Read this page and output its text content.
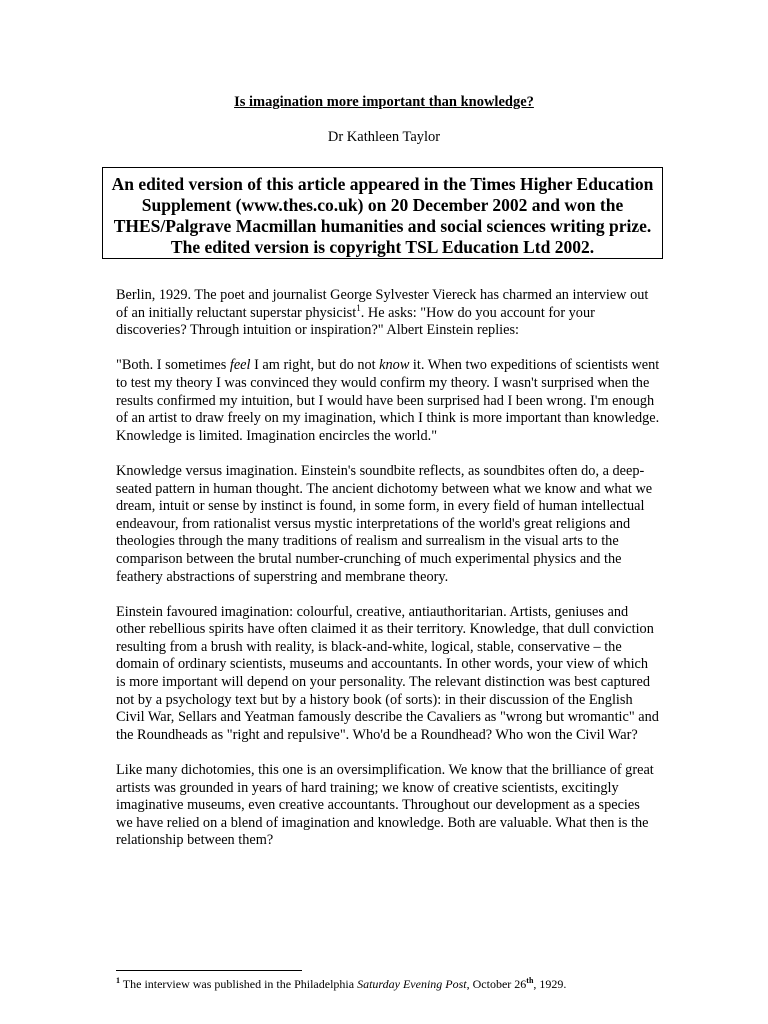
Is imagination more important than knowledge?
Dr Kathleen Taylor
An edited version of this article appeared in the Times Higher Education Supplement (www.thes.co.uk) on 20 December 2002 and won the THES/Palgrave Macmillan humanities and social sciences writing prize. The edited version is copyright TSL Education Ltd 2002.

Berlin, 1929. The poet and journalist George Sylvester Viereck has charmed an interview out of an initially reluctant superstar physicist$^1$. He asks: "How do you account for your discoveries? Through intuition or inspiration?" Albert Einstein replies:

"Both. I sometimes feel I am right, but do not know it. When two expeditions of scientists went to test my theory I was convinced they would confirm my theory. I wasn't surprised when the results confirmed my intuition, but I would have been surprised had I been wrong. I'm enough of an artist to draw freely on my imagination, which I think is more important than knowledge. Knowledge is limited. Imagination encircles the world."

Knowledge versus imagination. Einstein's soundbite reflects, as soundbites often do, a deep-seated pattern in human thought. The ancient dichotomy between what we know and what we dream, intuit or sense by instinct is found, in some form, in every field of human intellectual endeavour, from rationalist versus mystic interpretations of the world's great religions and theologies through the many traditions of realism and surrealism in the visual arts to the comparison between the brutal number-crunching of much experimental physics and the feathery abstractions of superstring and membrane theory.

Einstein favoured imagination: colourful, creative, antiauthoritarian. Artists, geniuses and other rebellious spirits have often claimed it as their territory. Knowledge, that dull conviction resulting from a brush with reality, is black-and-white, logical, stable, conservative – the domain of ordinary scientists, museums and accountants. In other words, your view of which is more important will depend on your personality. The relevant distinction was best captured not by a psychology text but by a history book (of sorts): in their discussion of the English Civil War, Sellars and Yeatman famously describe the Cavaliers as "wrong but wromantic" and the Roundheads as "right and repulsive". Who'd be a Roundhead? Who won the Civil War?

Like many dichotomies, this one is an oversimplification. We know that the brilliance of great artists was grounded in years of hard training; we know of creative scientists, excitingly imaginative museums, even creative accountants. Throughout our development as a species we have relied on a blend of imagination and knowledge. Both are valuable. What then is the relationship between them?

$^1$ The interview was published in the Philadelphia Saturday Evening Post, October 26th, 1929.
